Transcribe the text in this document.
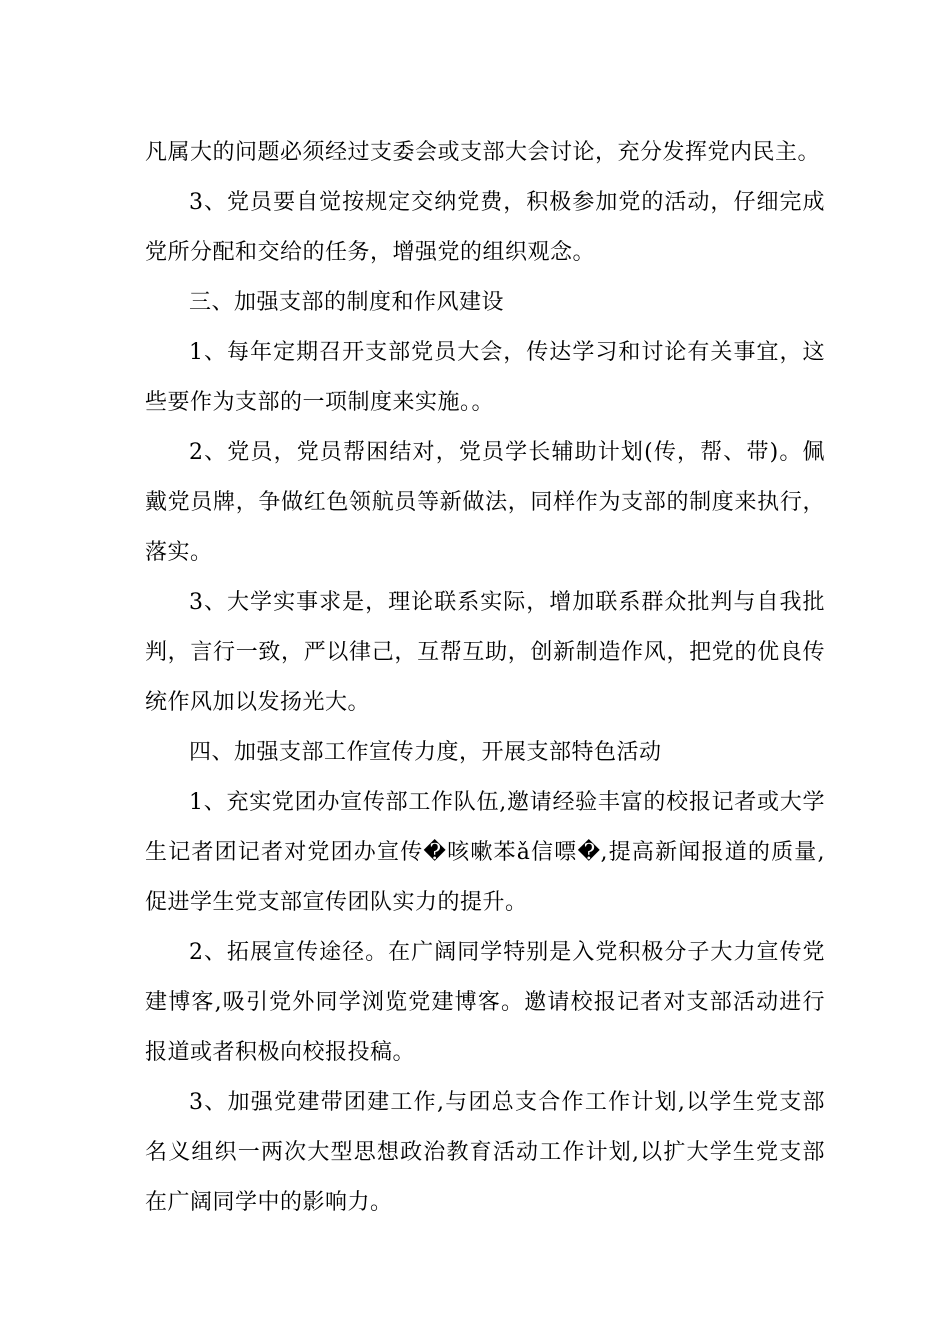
凡属大的问题必须经过支委会或支部大会讨论，充分发挥党内民主。

3、党员要自觉按规定交纳党费，积极参加党的活动，仔细完成党所分配和交给的任务，增强党的组织观念。

三、加强支部的制度和作风建设

1、每年定期召开支部党员大会，传达学习和讨论有关事宜，这些要作为支部的一项制度来实施。。

2、党员，党员帮困结对，党员学长辅助计划(传，帮、带)。佩戴党员牌，争做红色领航员等新做法，同样作为支部的制度来执行，落实。

3、大学实事求是，理论联系实际，增加联系群众批判与自我批判，言行一致，严以律己，互帮互助，创新制造作风，把党的优良传统作风加以发扬光大。

四、加强支部工作宣传力度，开展支部特色活动

1、充实党团办宣传部工作队伍,邀请经验丰富的校报记者或大学生记者团记者对党团办宣传�咳嗽苯ǎ信嘌�,提高新闻报道的质量,促进学生党支部宣传团队实力的提升。

2、拓展宣传途径。在广阔同学特别是入党积极分子大力宣传党建博客,吸引党外同学浏览党建博客。邀请校报记者对支部活动进行报道或者积极向校报投稿。

3、加强党建带团建工作,与团总支合作工作计划,以学生党支部名义组织一两次大型思想政治教育活动工作计划,以扩大学生党支部在广阔同学中的影响力。
